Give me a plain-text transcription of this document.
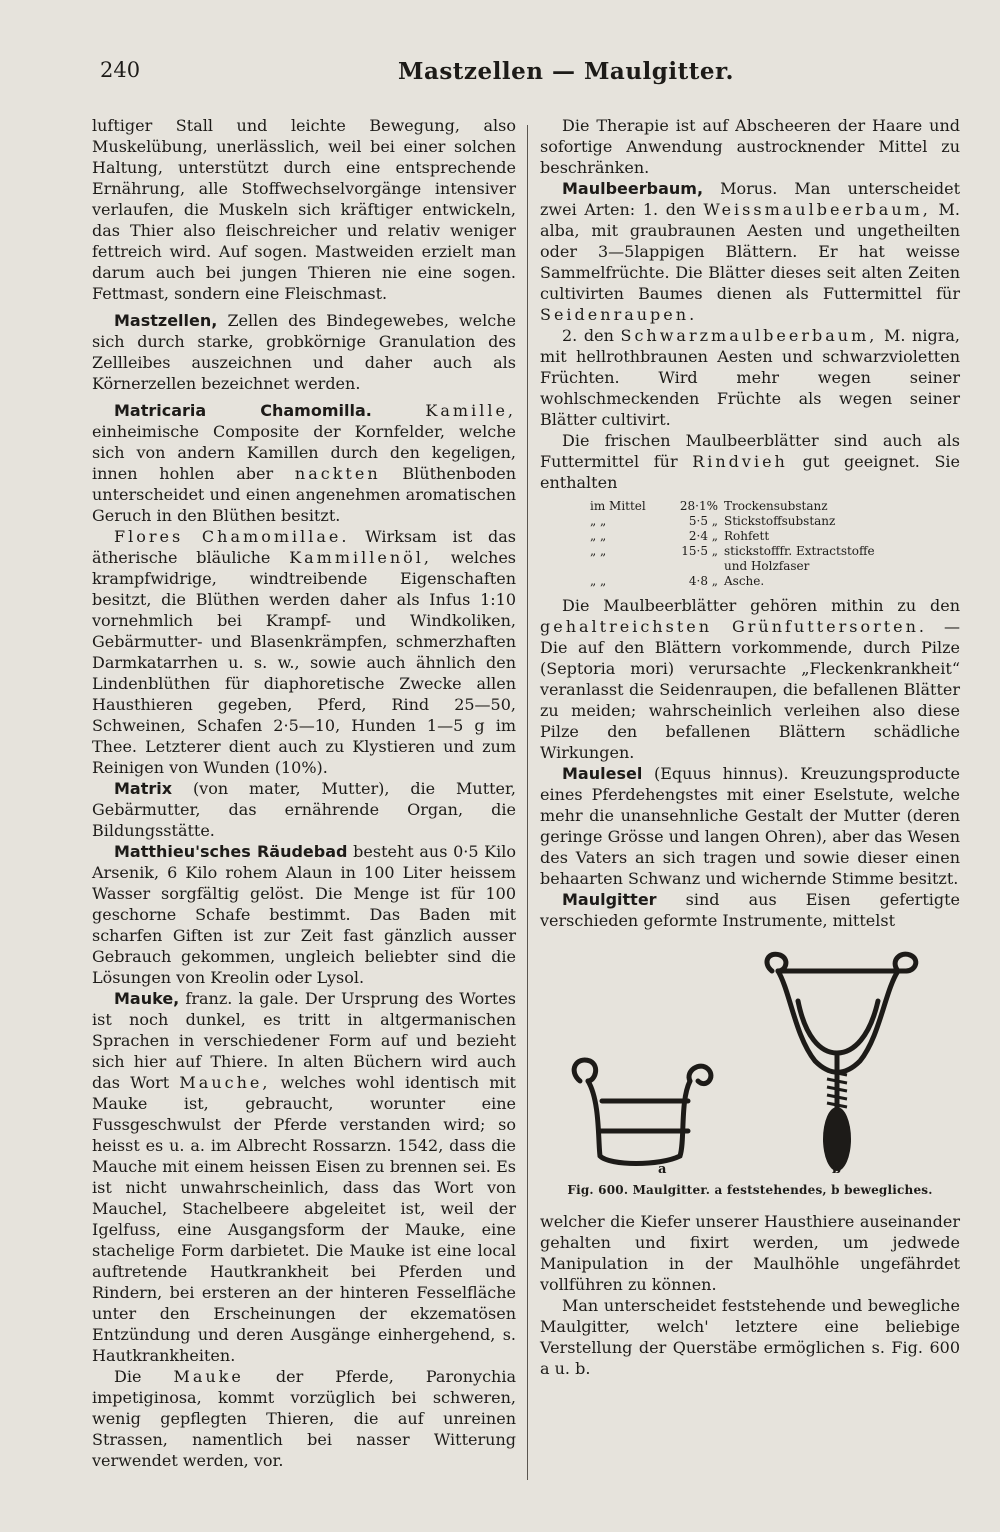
240	Mastzellen — Maulgitter.

luftiger Stall und leichte Bewegung, also Muskelübung, unerlässlich, weil bei einer solchen Haltung, unterstützt durch eine entsprechende Ernährung, alle Stoffwechselvorgänge intensiver verlaufen, die Muskeln sich kräftiger entwickeln, das Thier also fleischreicher und relativ weniger fettreich wird. Auf sogen. Mastweiden erzielt man darum auch bei jungen Thieren nie eine sogen. Fettmast, sondern eine Fleischmast.

Mastzellen, Zellen des Bindegewebes, welche sich durch starke, grobkörnige Granulation des Zellleibes auszeichnen und daher auch als Körnerzellen bezeichnet werden.

Matricaria Chamomilla.	Kamille, einheimische Composite der Kornfelder, welche sich von andern Kamillen durch den kegeligen, innen hohlen aber nackten Blüthenboden unterscheidet und einen angenehmen aromatischen Geruch in den Blüthen besitzt.

Flores Chamomillae. Wirksam ist das ätherische bläuliche Kammillenöl, welches krampfwidrige, windtreibende Eigenschaften besitzt, die Blüthen werden daher als Infus 1:10 vornehmlich bei Krampf- und Windkoliken, Gebärmutter- und Blasenkrämpfen, schmerzhaften Darmkatarrhen u. s. w., sowie auch ähnlich den Lindenblüthen für diaphoretische Zwecke allen Hausthieren gegeben, Pferd, Rind 25—50, Schweinen, Schafen 2·5—10, Hunden 1—5 g im Thee. Letzterer dient auch zu Klystieren und zum Reinigen von Wunden (10%).

Matrix (von mater, Mutter), die Mutter, Gebärmutter, das ernährende Organ, die Bildungsstätte.

Matthieu'sches Räudebad besteht aus 0·5 Kilo Arsenik, 6 Kilo rohem Alaun in 100 Liter heissem Wasser sorgfältig gelöst. Die Menge ist für 100 geschorne Schafe bestimmt. Das Baden mit scharfen Giften ist zur Zeit fast gänzlich ausser Gebrauch gekommen, ungleich beliebter sind die Lösungen von Kreolin oder Lysol.

Mauke, franz. la gale. Der Ursprung des Wortes ist noch dunkel, es tritt in altgermanischen Sprachen in verschiedener Form auf und bezieht sich hier auf Thiere. In alten Büchern wird auch das Wort Mauche, welches wohl identisch mit Mauke ist, gebraucht, worunter eine Fussgeschwulst der Pferde verstanden wird; so heisst es u. a. im Albrecht Rossarzn. 1542, dass die Mauche mit einem heissen Eisen zu brennen sei. Es ist nicht unwahrscheinlich, dass das Wort von Mauchel, Stachelbeere abgeleitet ist, weil der Igelfuss, eine Ausgangsform der Mauke, eine stachelige Form darbietet. Die Mauke ist eine local auftretende Hautkrankheit bei Pferden und Rindern, bei ersteren an der hinteren Fesselfläche unter den Erscheinungen der ekzematösen Entzündung und deren Ausgänge einhergehend, s. Hautkrankheiten.

Die Mauke der Pferde, Paronychia impetiginosa, kommt vorzüglich bei schweren, wenig gepflegten Thieren, die auf unreinen Strassen, namentlich bei nasser Witterung verwendet werden, vor.

Die Therapie ist auf Abscheeren der Haare und sofortige Anwendung austrocknender Mittel zu beschränken.

Maulbeerbaum, Morus. Man unterscheidet zwei Arten: 1. den Weissmaulbeerbaum, M. alba, mit graubraunen Aesten und ungetheilten oder 3—5lappigen Blättern. Er hat weisse Sammelfrüchte. Die Blätter dieses seit alten Zeiten cultivirten Baumes dienen als Futtermittel für Seidenraupen.

2. den Schwarzmaulbeerbaum, M. nigra, mit hellrothbraunen Aesten und schwarzvioletten Früchten. Wird mehr wegen seiner wohlschmeckenden Früchte als wegen seiner Blätter cultivirt.

Die frischen Maulbeerblätter sind auch als Futtermittel für Rindvieh gut geeignet. Sie enthalten

im Mittel	28·1% Trockensubstanz
„ „	5·5 „ Stickstoffsubstanz
„ „	2·4 „ Rohfett
„ „	15·5 „ stickstofffr. Extractstoffe
und Holzfaser
„ „	4·8 „ Asche.

Die Maulbeerblätter gehören mithin zu den gehaltreichsten Grünfuttersorten. — Die auf den Blättern vorkommende, durch Pilze (Septoria mori) verursachte „Fleckenkrankheit“ veranlasst die Seidenraupen, die befallenen Blätter zu meiden; wahrscheinlich verleihen also diese Pilze den befallenen Blättern schädliche Wirkungen.

Maulesel (Equus hinnus). Kreuzungsproducte eines Pferdehengstes mit einer Eselstute, welche mehr die unansehnliche Gestalt der Mutter (deren geringe Grösse und langen Ohren), aber das Wesen des Vaters an sich tragen und sowie dieser einen behaarten Schwanz und wichernde Stimme besitzt.

Maulgitter sind aus Eisen gefertigte verschieden geformte Instrumente, mittelst

a	b
Fig. 600. Maulgitter. a feststehendes, b bewegliches.

welcher die Kiefer unserer Hausthiere auseinander gehalten und fixirt werden, um jedwede Manipulation in der Maulhöhle ungefährdet vollführen zu können.

Man unterscheidet feststehende und bewegliche Maulgitter, welch' letztere eine beliebige Verstellung der Querstäbe ermöglichen s. Fig. 600 a u. b.
